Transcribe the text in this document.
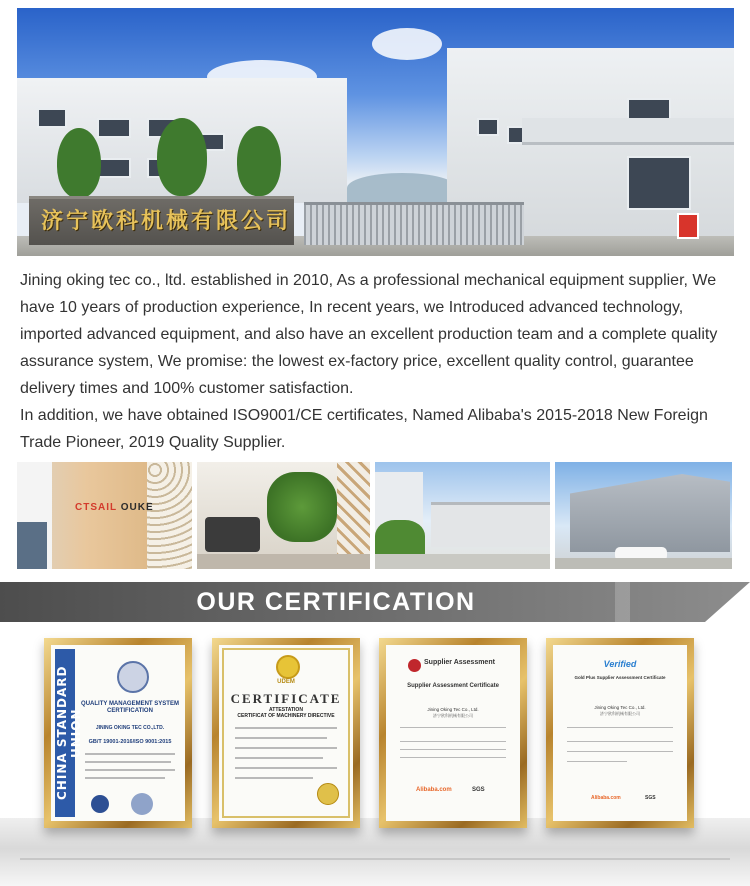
济宁欧科机械有限公司

Jining oking tec co., ltd. established in 2010, As a professional mechanical equipment supplier, We have 10 years of production experience, In recent years, we Introduced advanced technology, imported advanced equipment, and also have an excellent production team and a complete quality assurance system, We promise: the lowest ex-factory price, excellent quality control, guarantee delivery times and 100% customer satisfaction.

In addition, we have obtained ISO9001/CE certificates, Named Alibaba's 2015-2018 New Foreign Trade Pioneer, 2019 Quality Supplier.

CTSAIL OUKE
OUR CERTIFICATION
CHINA STANDARD UNION
QUALITY MANAGEMENT SYSTEM
CERTIFICATION
JINING OKING TEC CO.,LTD.
GB/T 19001-2016/ISO 9001:2015
UDEM
CERTIFICATE
ATTESTATION
CERTIFICAT OF MACHINERY DIRECTIVE
Supplier Assessment
Supplier Assessment Certificate
Jining Oking Tec Co., Ltd.
济宁欧科机械有限公司
Alibaba.com	SGS
Verified
Gold Plus Supplier Assessment Certificate
Jining Oking Tec Co., Ltd.
济宁欧科机械有限公司
Alibaba.com	SGS
